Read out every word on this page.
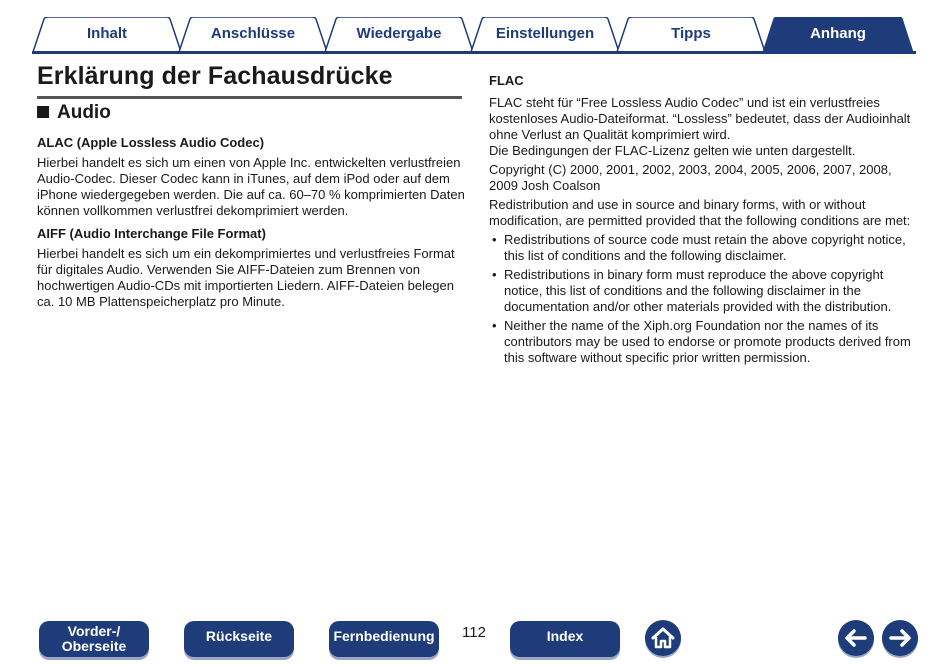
Inhalt	Anschlüsse	Wiedergabe	Einstellungen	Tipps	Anhang
Erklärung der Fachausdrücke
Audio

ALAC (Apple Lossless Audio Codec)

Hierbei handelt es sich um einen von Apple Inc. entwickelten verlustfreien Audio-Codec. Dieser Codec kann in iTunes, auf dem iPod oder auf dem iPhone wiedergegeben werden. Die auf ca. 60–70 % komprimierten Daten können vollkommen verlustfrei dekomprimiert werden.

AIFF (Audio Interchange File Format)

Hierbei handelt es sich um ein dekomprimiertes und verlustfreies Format für digitales Audio. Verwenden Sie AIFF-Dateien zum Brennen von hochwertigen Audio-CDs mit importierten Liedern. AIFF-Dateien belegen ca. 10 MB Plattenspeicherplatz pro Minute.

FLAC

FLAC steht für “Free Lossless Audio Codec” und ist ein verlustfreies kostenloses Audio-Dateiformat. “Lossless” bedeutet, dass der Audioinhalt ohne Verlust an Qualität komprimiert wird.

Die Bedingungen der FLAC-Lizenz gelten wie unten dargestellt.

Copyright (C) 2000, 2001, 2002, 2003, 2004, 2005, 2006, 2007, 2008, 2009 Josh Coalson

Redistribution and use in source and binary forms, with or without modification, are permitted provided that the following conditions are met:

• Redistributions of source code must retain the above copyright notice, this list of conditions and the following disclaimer.
• Redistributions in binary form must reproduce the above copyright notice, this list of conditions and the following disclaimer in the documentation and/or other materials provided with the distribution.
• Neither the name of the Xiph.org Foundation nor the names of its contributors may be used to endorse or promote products derived from this software without specific prior written permission.
Vorder-/
Oberseite
Rückseite	Fernbedienung 112	Index
